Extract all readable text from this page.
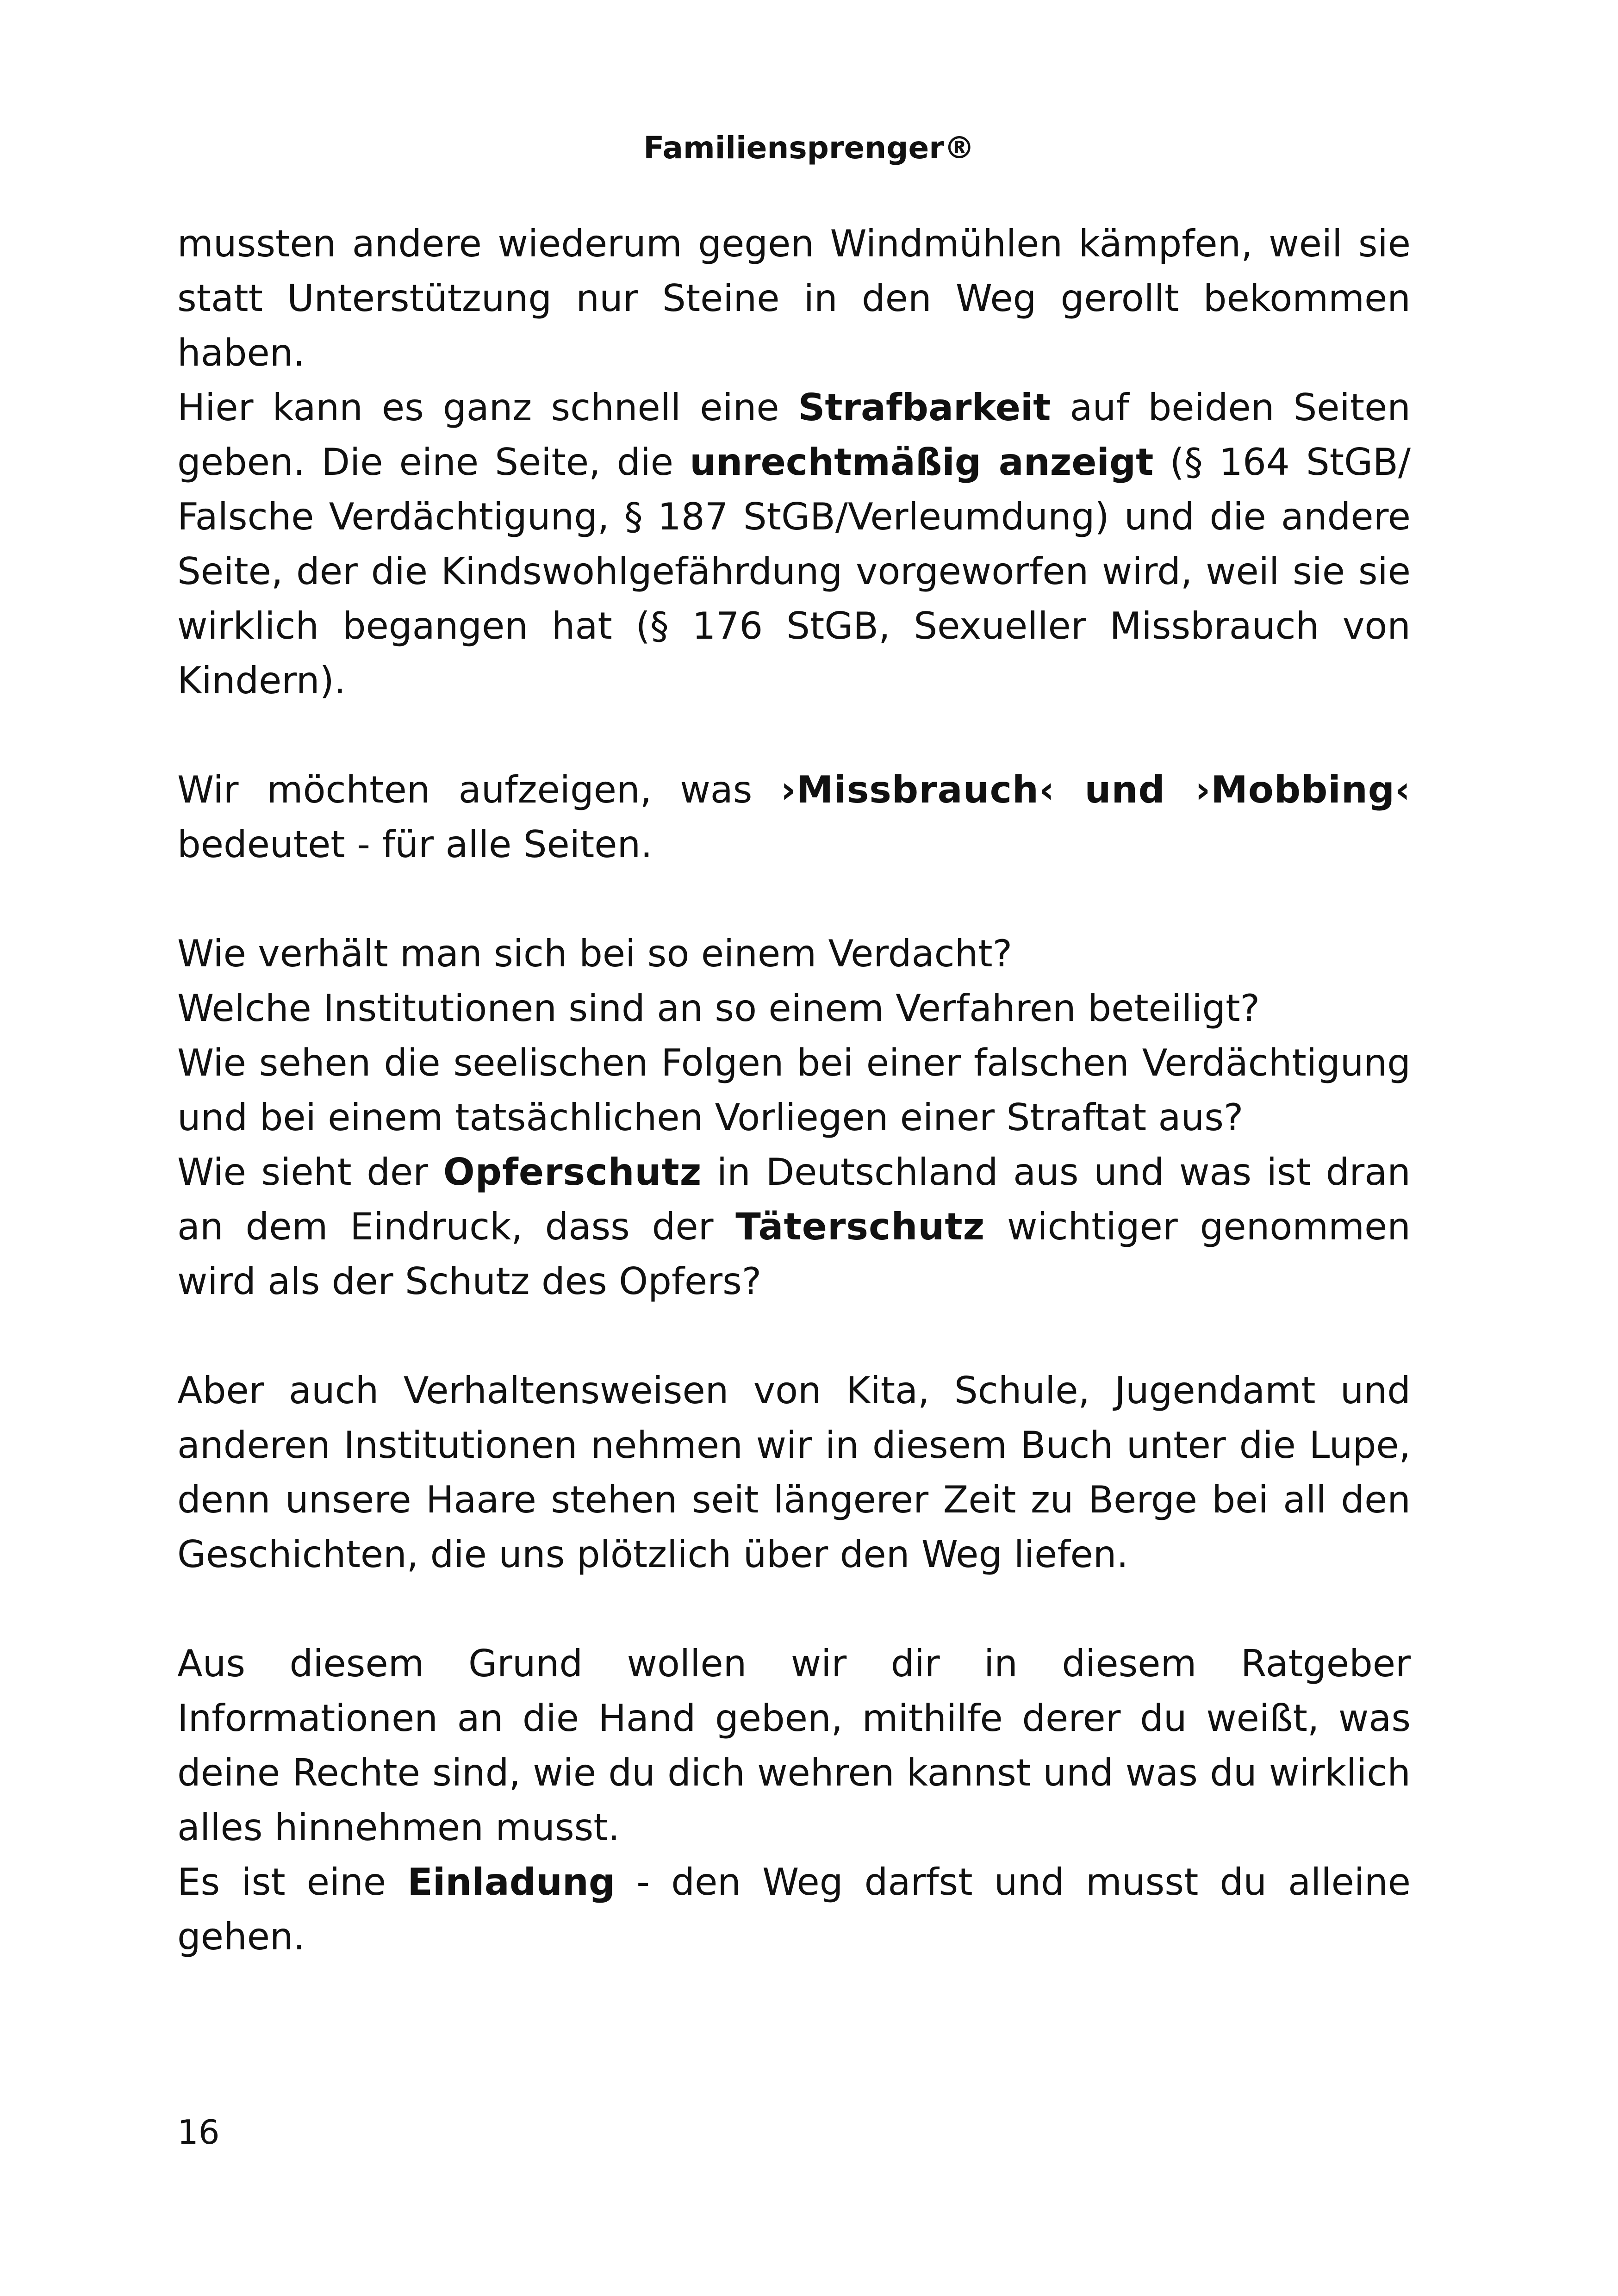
Familiensprenger®

mussten andere wiederum gegen Windmühlen kämpfen, weil sie statt Unterstützung nur Steine in den Weg gerollt bekommen haben.

Hier kann es ganz schnell eine Strafbarkeit auf beiden Seiten geben. Die eine Seite, die unrechtmäßig anzeigt (§ 164 StGB/ Falsche Verdächtigung, § 187 StGB/Verleumdung) und die andere Seite, der die Kindswohlgefährdung vorgeworfen wird, weil sie sie wirklich begangen hat (§ 176 StGB, Sexueller Missbrauch von Kindern).

Wir möchten aufzeigen, was ›Missbrauch‹ und ›Mobbing‹ bedeutet - für alle Seiten.

Wie verhält man sich bei so einem Verdacht?

Welche Institutionen sind an so einem Verfahren beteiligt?

Wie sehen die seelischen Folgen bei einer falschen Verdächtigung und bei einem tatsächlichen Vorliegen einer Straftat aus?

Wie sieht der Opferschutz in Deutschland aus und was ist dran an dem Eindruck, dass der Täterschutz wichtiger genommen wird als der Schutz des Opfers?

Aber auch Verhaltensweisen von Kita, Schule, Jugendamt und anderen Institutionen nehmen wir in diesem Buch unter die Lupe, denn unsere Haare stehen seit längerer Zeit zu Berge bei all den Geschichten, die uns plötzlich über den Weg liefen.

Aus diesem Grund wollen wir dir in diesem Ratgeber Informationen an die Hand geben, mithilfe derer du weißt, was deine Rechte sind, wie du dich wehren kannst und was du wirklich alles hinnehmen musst.

Es ist eine Einladung - den Weg darfst und musst du alleine gehen.

16
